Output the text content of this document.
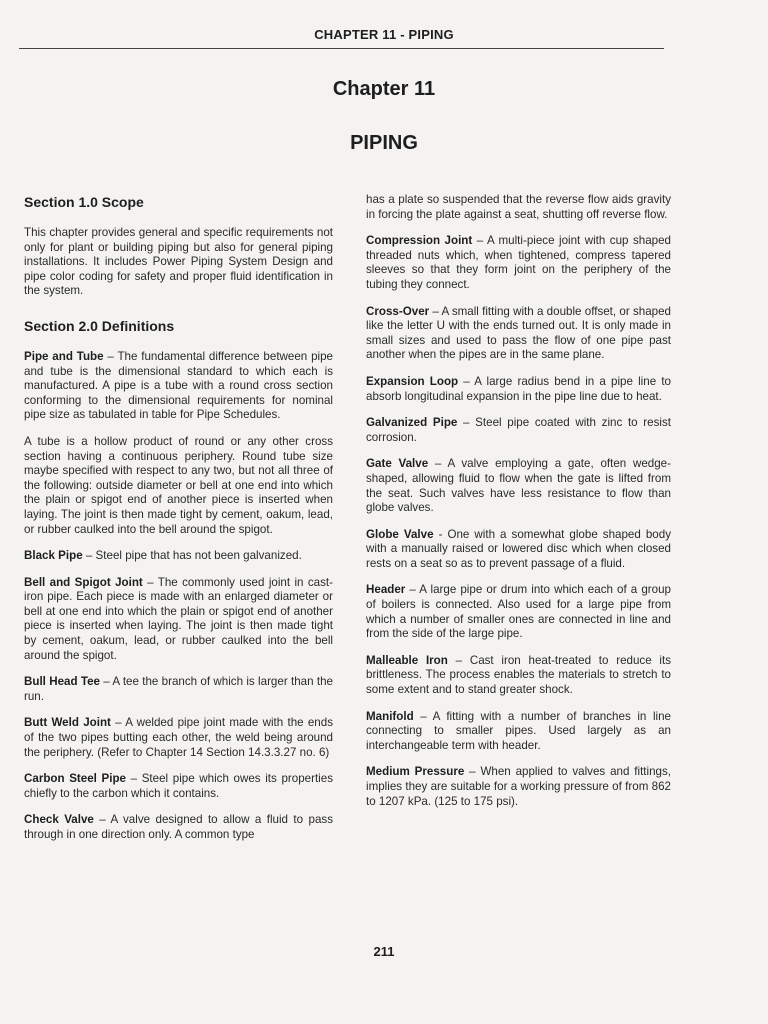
CHAPTER 11 - PIPING
Chapter 11
PIPING
Section 1.0 Scope

This chapter provides general and specific requirements not only for plant or building piping but also for general piping installations. It includes Power Piping System Design and pipe color coding for safety and proper fluid identification in the system.

Section 2.0 Definitions

Pipe and Tube – The fundamental difference between pipe and tube is the dimensional standard to which each is manufactured. A pipe is a tube with a round cross section conforming to the dimensional requirements for nominal pipe size as tabulated in table for Pipe Schedules.

A tube is a hollow product of round or any other cross section having a continuous periphery. Round tube size maybe specified with respect to any two, but not all three of the following: outside diameter or bell at one end into which the plain or spigot end of another piece is inserted when laying. The joint is then made tight by cement, oakum, lead, or rubber caulked into the bell around the spigot.

Black Pipe – Steel pipe that has not been galvanized.

Bell and Spigot Joint – The commonly used joint in cast-iron pipe. Each piece is made with an enlarged diameter or bell at one end into which the plain or spigot end of another piece is inserted when laying. The joint is then made tight by cement, oakum, lead, or rubber caulked into the bell around the spigot.

Bull Head Tee – A tee the branch of which is larger than the run.

Butt Weld Joint – A welded pipe joint made with the ends of the two pipes butting each other, the weld being around the periphery. (Refer to Chapter 14 Section 14.3.3.27 no. 6)

Carbon Steel Pipe – Steel pipe which owes its properties chiefly to the carbon which it contains.

Check Valve – A valve designed to allow a fluid to pass through in one direction only. A common type

has a plate so suspended that the reverse flow aids gravity in forcing the plate against a seat, shutting off reverse flow.

Compression Joint – A multi-piece joint with cup shaped threaded nuts which, when tightened, compress tapered sleeves so that they form joint on the periphery of the tubing they connect.

Cross-Over – A small fitting with a double offset, or shaped like the letter U with the ends turned out. It is only made in small sizes and used to pass the flow of one pipe past another when the pipes are in the same plane.

Expansion Loop – A large radius bend in a pipe line to absorb longitudinal expansion in the pipe line due to heat.

Galvanized Pipe – Steel pipe coated with zinc to resist corrosion.

Gate Valve – A valve employing a gate, often wedge-shaped, allowing fluid to flow when the gate is lifted from the seat. Such valves have less resistance to flow than globe valves.

Globe Valve - One with a somewhat globe shaped body with a manually raised or lowered disc which when closed rests on a seat so as to prevent passage of a fluid.

Header – A large pipe or drum into which each of a group of boilers is connected. Also used for a large pipe from which a number of smaller ones are connected in line and from the side of the large pipe.

Malleable Iron – Cast iron heat-treated to reduce its brittleness. The process enables the materials to stretch to some extent and to stand greater shock.

Manifold – A fitting with a number of branches in line connecting to smaller pipes. Used largely as an interchangeable term with header.

Medium Pressure – When applied to valves and fittings, implies they are suitable for a working pressure of from 862 to 1207 kPa. (125 to 175 psi).

211
